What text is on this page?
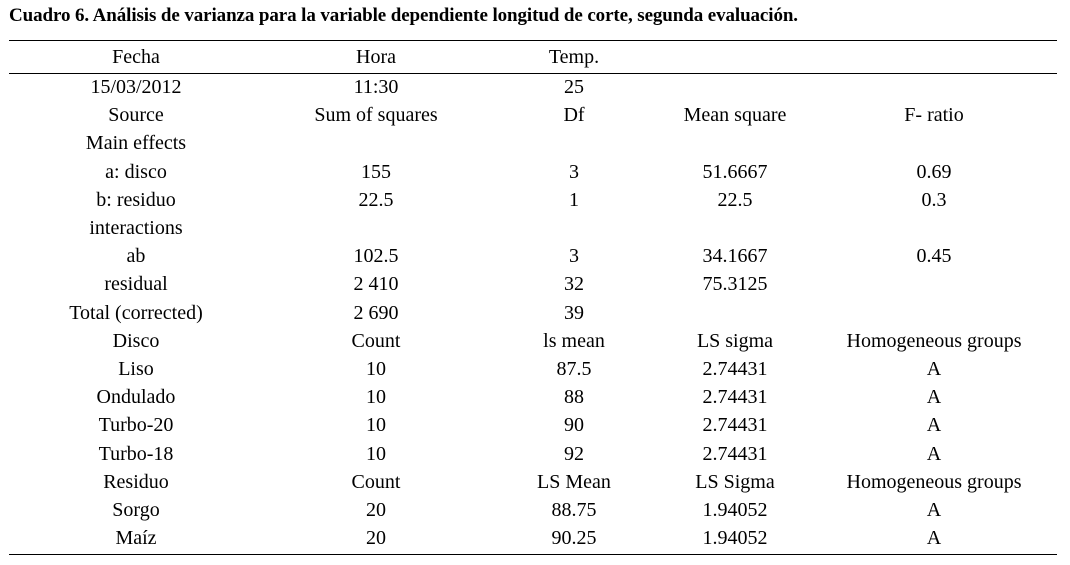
Cuadro 6. Análisis de varianza para la variable dependiente longitud de corte, segunda evaluación.
Fecha	Hora	Temp.		
15/03/2012	11:30	25		
Source	Sum of squares	Df	Mean square	F- ratio
Main effects				
a: disco	155	3	51.6667	0.69
b: residuo	22.5	1	22.5	0.3
interactions				
ab	102.5	3	34.1667	0.45
residual	2 410	32	75.3125	
Total (corrected)	2 690	39		
Disco	Count	ls mean	LS sigma	Homogeneous groups
Liso	10	87.5	2.74431	A
Ondulado	10	88	2.74431	A
Turbo-20	10	90	2.74431	A
Turbo-18	10	92	2.74431	A
Residuo	Count	LS Mean	LS Sigma	Homogeneous groups
Sorgo	20	88.75	1.94052	A
Maíz	20	90.25	1.94052	A
